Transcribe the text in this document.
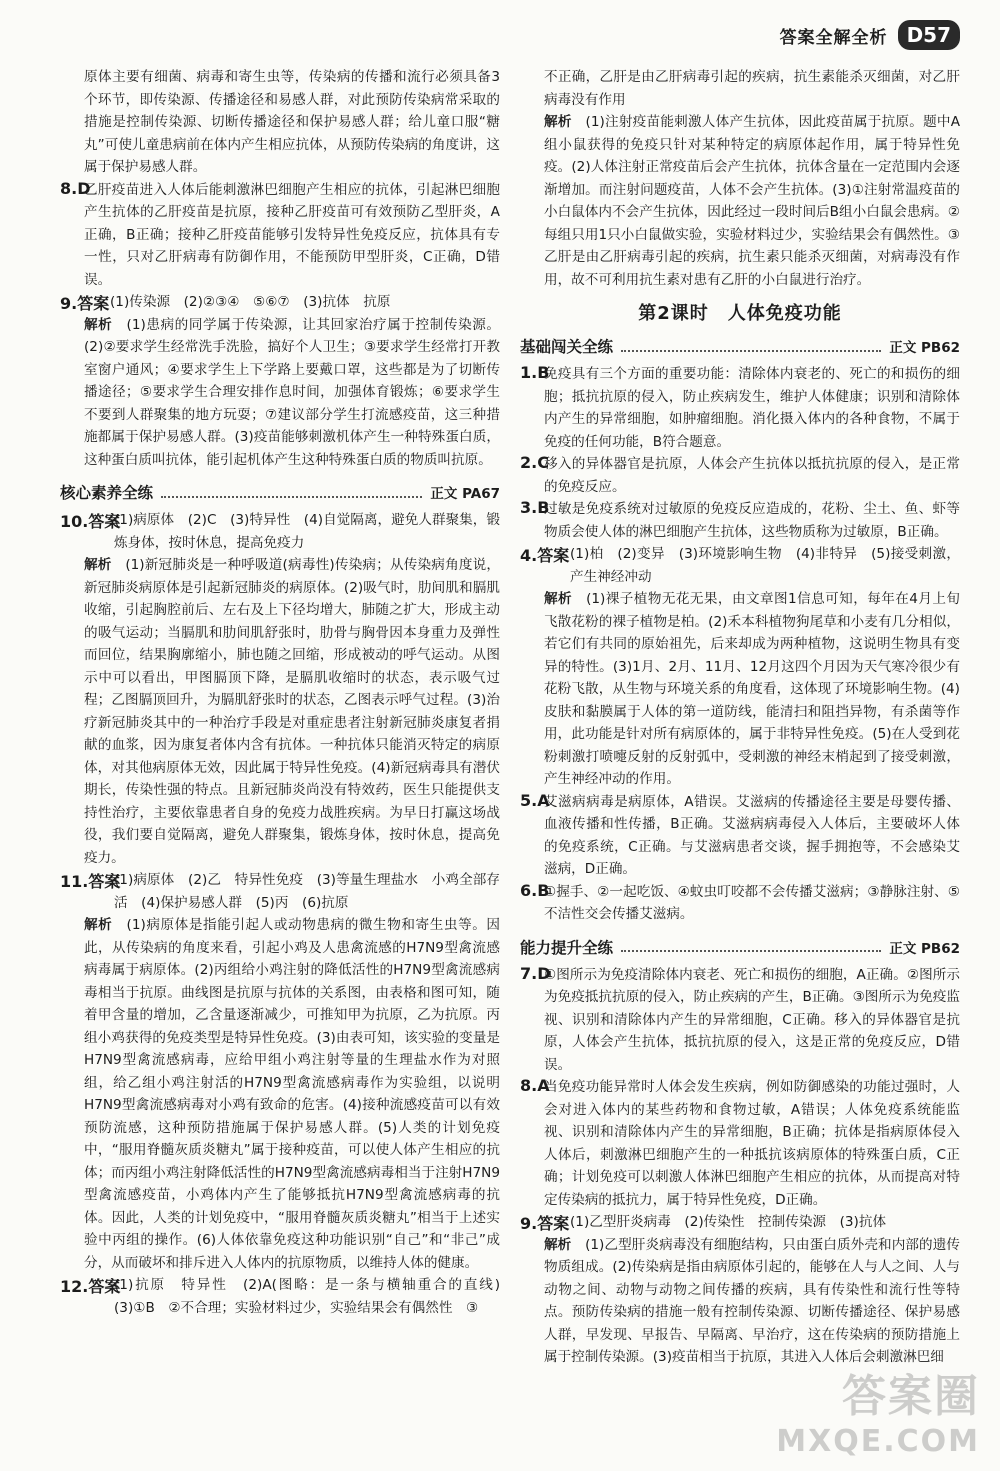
答案全解全析 D57

原体主要有细菌、病毒和寄生虫等，传染病的传播和流行必须具备3个环节，即传染源、传播途径和易感人群，对此预防传染病常采取的措施是控制传染源、切断传播途径和保护易感人群；给儿童口服“糖丸”可使儿童患病前在体内产生相应抗体，从预防传染病的角度讲，这属于保护易感人群。

8.D

乙肝疫苗进入人体后能刺激淋巴细胞产生相应的抗体，引起淋巴细胞产生抗体的乙肝疫苗是抗原，接种乙肝疫苗可有效预防乙型肝炎，A正确，B正确；接种乙肝疫苗能够引发特异性免疫反应，抗体具有专一性，只对乙肝病毒有防御作用，不能预防甲型肝炎，C正确，D错误。

9.答案 (1)传染源　(2)②③④　⑤⑥⑦　(3)抗体　抗原

解析　 (1)患病的同学属于传染源，让其回家治疗属于控制传染源。(2)②要求学生经常洗手洗脸，搞好个人卫生；③要求学生经常打开教室窗户通风；④要求学生上下学路上要戴口罩，这些都是为了切断传播途径；⑤要求学生合理安排作息时间，加强体育锻炼；⑥要求学生不要到人群聚集的地方玩耍；⑦建议部分学生打流感疫苗，这三种措施都属于保护易感人群。(3)疫苗能够刺激机体产生一种特殊蛋白质，这种蛋白质叫抗体，能引起机体产生这种特殊蛋白质的物质叫抗原。

核心素养全练	正文 PA67
10.答案

(1)病原体　(2)C　(3)特异性　(4)自觉隔离，避免人群聚集，锻炼身体，按时休息，提高免疫力

解析　 (1)新冠肺炎是一种呼吸道(病毒性)传染病；从传染病角度说，新冠肺炎病原体是引起新冠肺炎的病原体。(2)吸气时，肋间肌和膈肌收缩，引起胸腔前后、左右及上下径均增大，肺随之扩大，形成主动的吸气运动；当膈肌和肋间肌舒张时，肋骨与胸骨因本身重力及弹性而回位，结果胸廓缩小，肺也随之回缩，形成被动的呼气运动。从图示中可以看出，甲图膈顶下降，是膈肌收缩时的状态，表示吸气过程；乙图膈顶回升，为膈肌舒张时的状态，乙图表示呼气过程。(3)治疗新冠肺炎其中的一种治疗手段是对重症患者注射新冠肺炎康复者捐献的血浆，因为康复者体内含有抗体。一种抗体只能消灭特定的病原体，对其他病原体无效，因此属于特异性免疫。(4)新冠病毒具有潜伏期长，传染性强的特点。且新冠肺炎尚没有特效药，医生只能提供支持性治疗，主要依靠患者自身的免疫力战胜疾病。为早日打赢这场战役，我们要自觉隔离，避免人群聚集，锻炼身体，按时休息，提高免疫力。

11.答案

(1)病原体　(2)乙　特异性免疫　(3)等量生理盐水　小鸡全部存活　(4)保护易感人群　(5)丙　(6)抗原

解析　 (1)病原体是指能引起人或动物患病的微生物和寄生虫等。因此，从传染病的角度来看，引起小鸡及人患禽流感的H7N9型禽流感病毒属于病原体。(2)丙组给小鸡注射的降低活性的H7N9型禽流感病毒相当于抗原。曲线图是抗原与抗体的关系图，由表格和图可知，随着甲含量的增加，乙含量逐渐减少，可推知甲为抗原，乙为抗原。丙组小鸡获得的免疫类型是特异性免疫。(3)由表可知，该实验的变量是H7N9型禽流感病毒，应给甲组小鸡注射等量的生理盐水作为对照组，给乙组小鸡注射活的H7N9型禽流感病毒作为实验组，以说明H7N9型禽流感病毒对小鸡有致命的危害。(4)接种流感疫苗可以有效预防流感，这种预防措施属于保护易感人群。(5)人类的计划免疫中，“服用脊髓灰质炎糖丸”属于接种疫苗，可以使人体产生相应的抗体；而丙组小鸡注射降低活性的H7N9型禽流感病毒相当于注射H7N9型禽流感疫苗，小鸡体内产生了能够抵抗H7N9型禽流感病毒的抗体。因此，人类的计划免疫中，“服用脊髓灰质炎糖丸”相当于上述实验中丙组的操作。(6)人体依靠免疫这种功能识别“自己”和“非己”成分，从而破坏和排斥进入人体内的抗原物质，以维持人体的健康。

12.答案

(1)抗原　特异性　(2)A(图略：是一条与横轴重合的直线)　(3)①B　②不合理；实验材料过少，实验结果会有偶然性　③

不正确，乙肝是由乙肝病毒引起的疾病，抗生素能杀灭细菌，对乙肝病毒没有作用

解析　 (1)注射疫苗能刺激人体产生抗体，因此疫苗属于抗原。题中A组小鼠获得的免疫只针对某种特定的病原体起作用，属于特异性免疫。(2)人体注射正常疫苗后会产生抗体，抗体含量在一定范围内会逐渐增加。而注射问题疫苗，人体不会产生抗体。(3)①注射常温疫苗的小白鼠体内不会产生抗体，因此经过一段时间后B组小白鼠会患病。②每组只用1只小白鼠做实验，实验材料过少，实验结果会有偶然性。③乙肝是由乙肝病毒引起的疾病，抗生素只能杀灭细菌，对病毒没有作用，故不可利用抗生素对患有乙肝的小白鼠进行治疗。

第2课时　人体免疫功能
基础闯关全练	正文 PB62
1.B

免疫具有三个方面的重要功能：清除体内衰老的、死亡的和损伤的细胞；抵抗抗原的侵入，防止疾病发生，维护人体健康；识别和清除体内产生的异常细胞，如肿瘤细胞。消化摄入体内的各种食物，不属于免疫的任何功能，B符合题意。

2.C

移入的异体器官是抗原，人体会产生抗体以抵抗抗原的侵入，是正常的免疫反应。

3.B

过敏是免疫系统对过敏原的免疫反应造成的，花粉、尘土、鱼、虾等物质会使人体的淋巴细胞产生抗体，这些物质称为过敏原，B正确。

4.答案 (1)柏　(2)变异　(3)环境影响生物　(4)非特异　(5)接受刺激，产生神经冲动

解析　 (1)裸子植物无花无果，由文章图1信息可知，每年在4月上旬飞散花粉的裸子植物是柏。(2)禾本科植物狗尾草和小麦有几分相似，若它们有共同的原始祖先，后来却成为两种植物，这说明生物具有变异的特性。(3)1月、2月、11月、12月这四个月因为天气寒冷很少有花粉飞散，从生物与环境关系的角度看，这体现了环境影响生物。(4)皮肤和黏膜属于人体的第一道防线，能清扫和阻挡异物，有杀菌等作用，此功能是针对所有病原体的，属于非特异性免疫。(5)在人受到花粉刺激打喷嚏反射的反射弧中，受刺激的神经末梢起到了接受刺激，产生神经冲动的作用。

5.A

艾滋病病毒是病原体，A错误。艾滋病的传播途径主要是母婴传播、血液传播和性传播，B正确。艾滋病病毒侵入人体后，主要破坏人体的免疫系统，C正确。与艾滋病患者交谈，握手拥抱等，不会感染艾滋病，D正确。

6.B

①握手、②一起吃饭、④蚊虫叮咬都不会传播艾滋病；③静脉注射、⑤不洁性交会传播艾滋病。

能力提升全练	正文 PB62
7.D

①图所示为免疫清除体内衰老、死亡和损伤的细胞，A正确。②图所示为免疫抵抗抗原的侵入，防止疾病的产生，B正确。③图所示为免疫监视、识别和清除体内产生的异常细胞，C正确。移入的异体器官是抗原，人体会产生抗体，抵抗抗原的侵入，这是正常的免疫反应，D错误。

8.A

当免疫功能异常时人体会发生疾病，例如防御感染的功能过强时，人会对进入体内的某些药物和食物过敏，A错误；人体免疫系统能监视、识别和清除体内产生的异常细胞，B正确；抗体是指病原体侵入人体后，刺激淋巴细胞产生的一种抵抗该病原体的特殊蛋白质，C正确；计划免疫可以刺激人体淋巴细胞产生相应的抗体，从而提高对特定传染病的抵抗力，属于特异性免疫，D正确。

9.答案 (1)乙型肝炎病毒　(2)传染性　控制传染源　(3)抗体

解析　 (1)乙型肝炎病毒没有细胞结构，只由蛋白质外壳和内部的遗传物质组成。(2)传染病是指由病原体引起的，能够在人与人之间、人与动物之间、动物与动物之间传播的疾病，具有传染性和流行性等特点。预防传染病的措施一般有控制传染源、切断传播途径、保护易感人群，早发现、早报告、早隔离、早治疗，这在传染病的预防措施上属于控制传染源。(3)疫苗相当于抗原，其进入人体后会刺激淋巴细

答案圈
MXQE.COM
